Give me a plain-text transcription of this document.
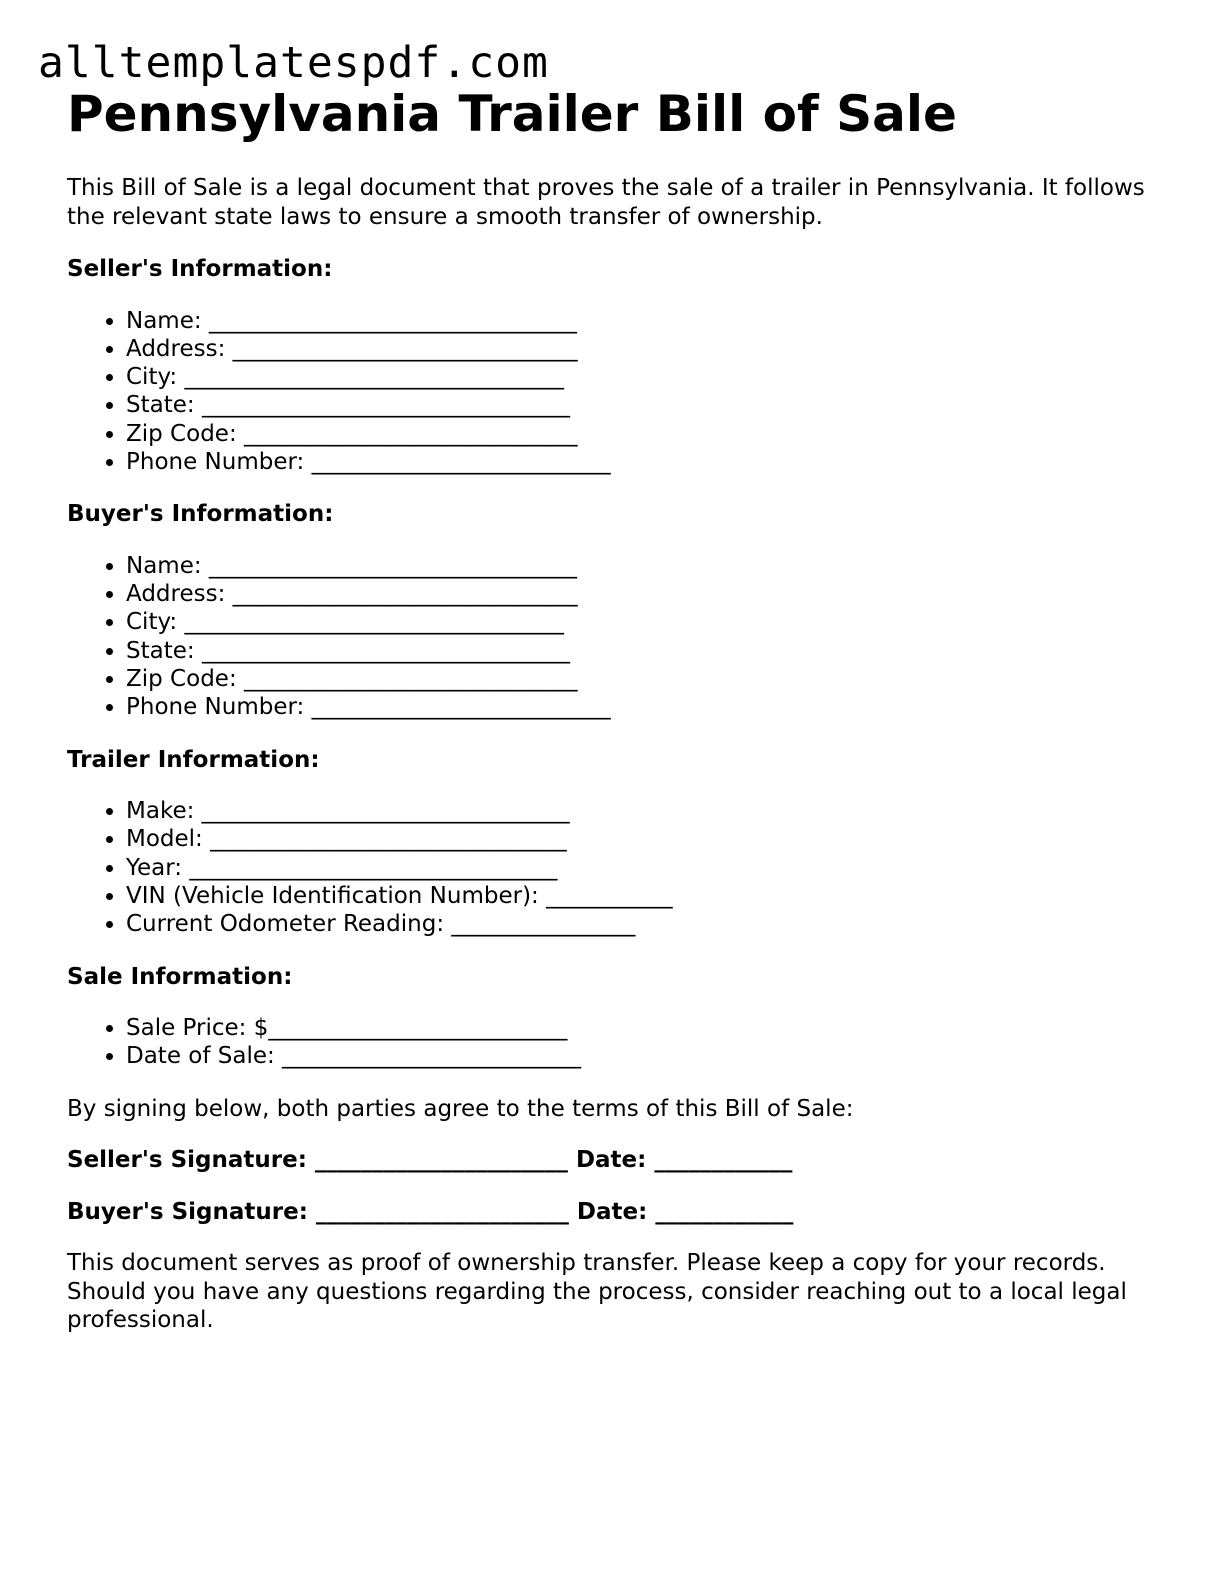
alltemplatespdf.com
Pennsylvania Trailer Bill of Sale

This Bill of Sale is a legal document that proves the sale of a trailer in Pennsylvania. It follows the relevant state laws to ensure a smooth transfer of ownership.

Seller's Information:
• Name: ________________________________
• Address: ______________________________
• City: _________________________________
• State: ________________________________
• Zip Code: _____________________________
• Phone Number: __________________________
Buyer's Information:
• Name: ________________________________
• Address: ______________________________
• City: _________________________________
• State: ________________________________
• Zip Code: _____________________________
• Phone Number: __________________________
Trailer Information:
• Make: ________________________________
• Model: _______________________________
• Year: ________________________________
• VIN (Vehicle Identification Number): ___________
• Current Odometer Reading: ________________
Sale Information:
• Sale Price: $__________________________
• Date of Sale: __________________________

By signing below, both parties agree to the terms of this Bill of Sale:

Seller's Signature: ______________________ Date: ____________
Buyer's Signature: ______________________ Date: ____________

This document serves as proof of ownership transfer. Please keep a copy for your records. Should you have any questions regarding the process, consider reaching out to a local legal professional.
